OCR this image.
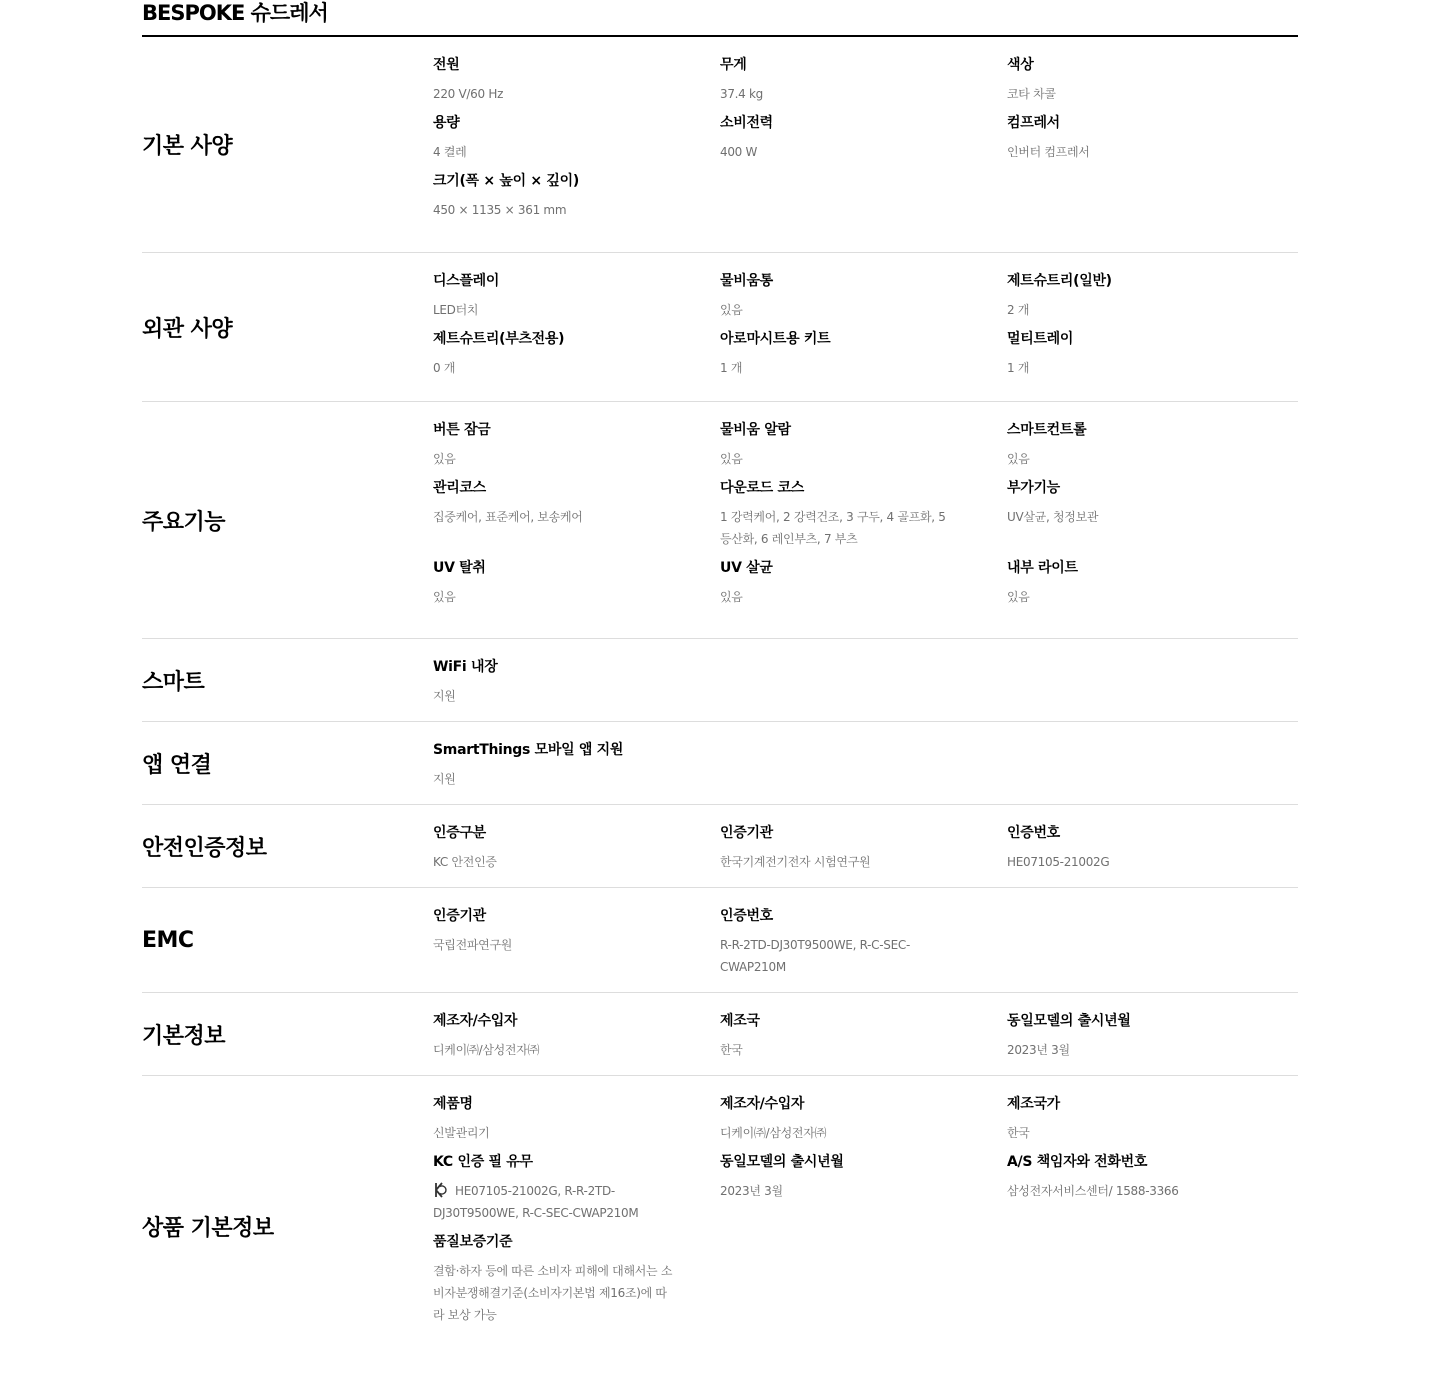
BESPOKE 슈드레서
기본 사양
전원
220 V/60 Hz
무게
37.4 kg
색상
코타 차콜
용량
4 켤레
소비전력
400 W
컴프레서
인버터 컴프레서
크기(폭 × 높이 × 깊이)
450 × 1135 × 361 mm
외관 사양
디스플레이
LED터치
물비움통
있음
제트슈트리(일반)
2 개
제트슈트리(부츠전용)
0 개
아로마시트용 키트
1 개
멀티트레이
1 개
주요기능
버튼 잠금
있음
물비움 알람
있음
스마트컨트롤
있음
관리코스
집중케어, 표준케어, 보송케어
다운로드 코스
1 강력케어, 2 강력건조, 3 구두, 4 골프화, 5 등산화, 6 레인부츠, 7 부츠
부가기능
UV살균, 청정보관
UV 탈취
있음
UV 살균
있음
내부 라이트
있음
스마트
WiFi 내장
지원
앱 연결
SmartThings 모바일 앱 지원
지원
안전인증정보
인증구분
KC 안전인증
인증기관
한국기계전기전자 시험연구원
인증번호
HE07105-21002G
EMC
인증기관
국립전파연구원
인증번호
R-R-2TD-DJ30T9500WE, R-C-SEC-CWAP210M
기본정보
제조자/수입자
디케이㈜/삼성전자㈜
제조국
한국
동일모델의 출시년월
2023년 3월
상품 기본정보
제품명
신발관리기
제조자/수입자
디케이㈜/삼성전자㈜
제조국가
한국
KC 인증 필 유무
HE07105-21002G, R-R-2TD-DJ30T9500WE, R-C-SEC-CWAP210M
동일모델의 출시년월
2023년 3월
A/S 책임자와 전화번호
삼성전자서비스센터/ 1588-3366
품질보증기준
결함·하자 등에 따른 소비자 피해에 대해서는 소비자분쟁해결기준(소비자기본법 제16조)에 따라 보상 가능
